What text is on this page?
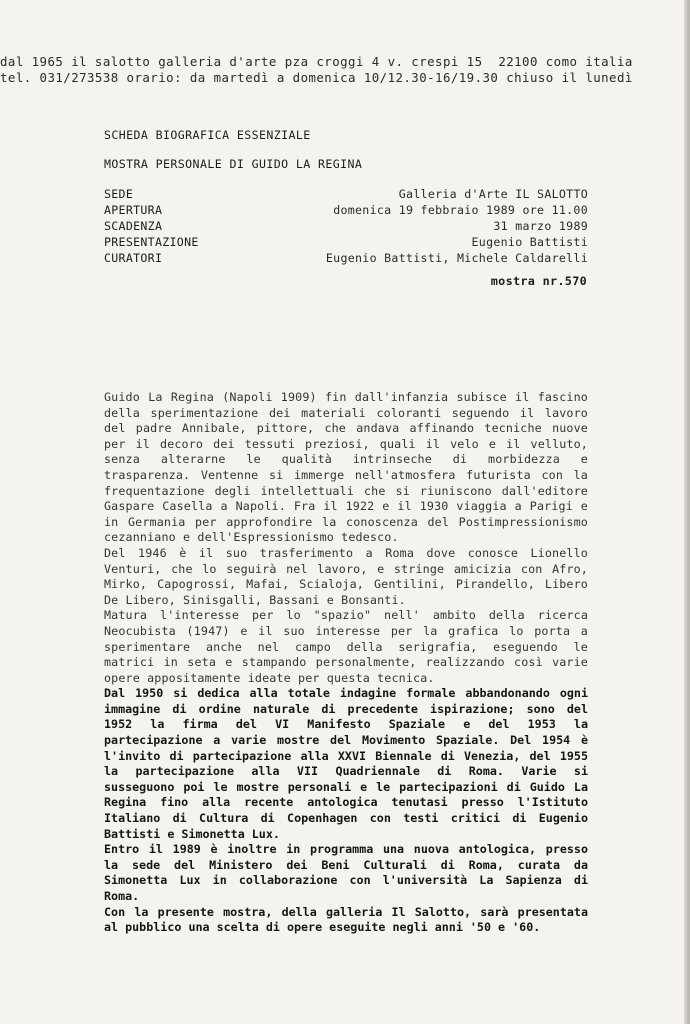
dal 1965 il salotto galleria d'arte pza croggi 4 v. crespi 15  22100 como italia
tel. 031/273538 orario: da martedì a domenica 10/12.30-16/19.30 chiuso il lunedì
SCHEDA BIOGRAFICA ESSENZIALE
MOSTRA PERSONALE DI GUIDO LA REGINA
SEDE	Galleria d'Arte IL SALOTTO
APERTURA	domenica 19 febbraio 1989 ore 11.00
SCADENZA	31 marzo 1989
PRESENTAZIONE	Eugenio Battisti
CURATORI	Eugenio Battisti, Michele Caldarelli
mostra nr.570
Guido La Regina (Napoli 1909) fin dall'infanzia subisce il fascino
della sperimentazione dei materiali coloranti seguendo il lavoro
del padre Annibale, pittore, che andava affinando tecniche nuove
per il decoro dei tessuti preziosi, quali il velo e il velluto,
senza alterarne le qualità intrinseche di morbidezza e
trasparenza. Ventenne si immerge nell'atmosfera futurista con la
frequentazione degli intellettuali che si riuniscono dall'editore
Gaspare Casella a Napoli. Fra il 1922 e il 1930 viaggia a Parigi e
in Germania per approfondire la conoscenza del Postimpressionismo
cezanniano e dell'Espressionismo tedesco.
Del 1946 è il suo trasferimento a Roma dove conosce Lionello
Venturi, che lo seguirà nel lavoro, e stringe amicizia con Afro,
Mirko, Capogrossi, Mafai, Scialoja, Gentilini, Pirandello, Libero
De Libero, Sinisgalli, Bassani e Bonsanti.
Matura l'interesse per lo "spazio" nell' ambito della ricerca
Neocubista (1947) e il suo interesse per la grafica lo porta a
sperimentare anche nel campo della serigrafia, eseguendo le
matrici in seta e stampando personalmente, realizzando così varie
opere appositamente ideate per questa tecnica.
Dal 1950 si dedica alla totale indagine formale abbandonando ogni
immagine di ordine naturale di precedente ispirazione; sono del
1952 la firma del VI Manifesto Spaziale e del 1953 la
partecipazione a varie mostre del Movimento Spaziale. Del 1954 è
l'invito di partecipazione alla XXVI Biennale di Venezia, del 1955
la partecipazione alla VII Quadriennale di Roma. Varie si
susseguono poi le mostre personali e le partecipazioni di Guido La
Regina fino alla recente antologica tenutasi presso l'Istituto
Italiano di Cultura di Copenhagen con testi critici di Eugenio
Battisti e Simonetta Lux.
Entro il 1989 è inoltre in programma una nuova antologica, presso
la sede del Ministero dei Beni Culturali di Roma, curata da
Simonetta Lux in collaborazione con l'università La Sapienza di
Roma.
Con la presente mostra, della galleria Il Salotto, sarà presentata
al pubblico una scelta di opere eseguite negli anni '50 e '60.
